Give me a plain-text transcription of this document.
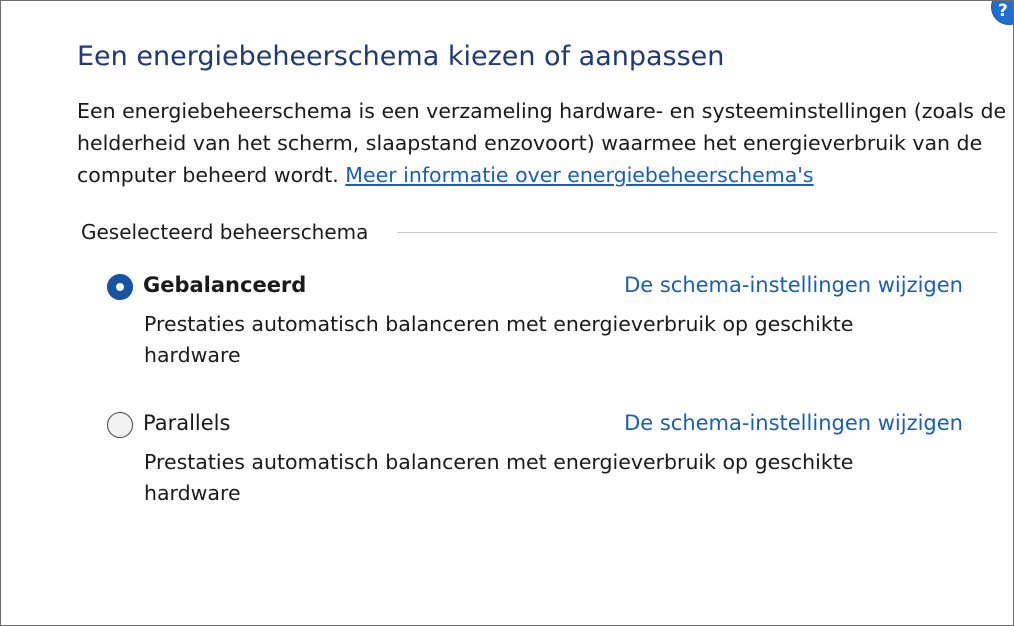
?
Een energiebeheerschema kiezen of aanpassen

Een energiebeheerschema is een verzameling hardware- en systeeminstellingen (zoals de helderheid van het scherm, slaapstand enzovoort) waarmee het energieverbruik van de computer beheerd wordt. Meer informatie over energiebeheerschema's

Geselecteerd beheerschema
Gebalanceerd	De schema-instellingen wijzigen
Prestaties automatisch balanceren met energieverbruik op geschikte hardware
Parallels	De schema-instellingen wijzigen
Prestaties automatisch balanceren met energieverbruik op geschikte hardware
